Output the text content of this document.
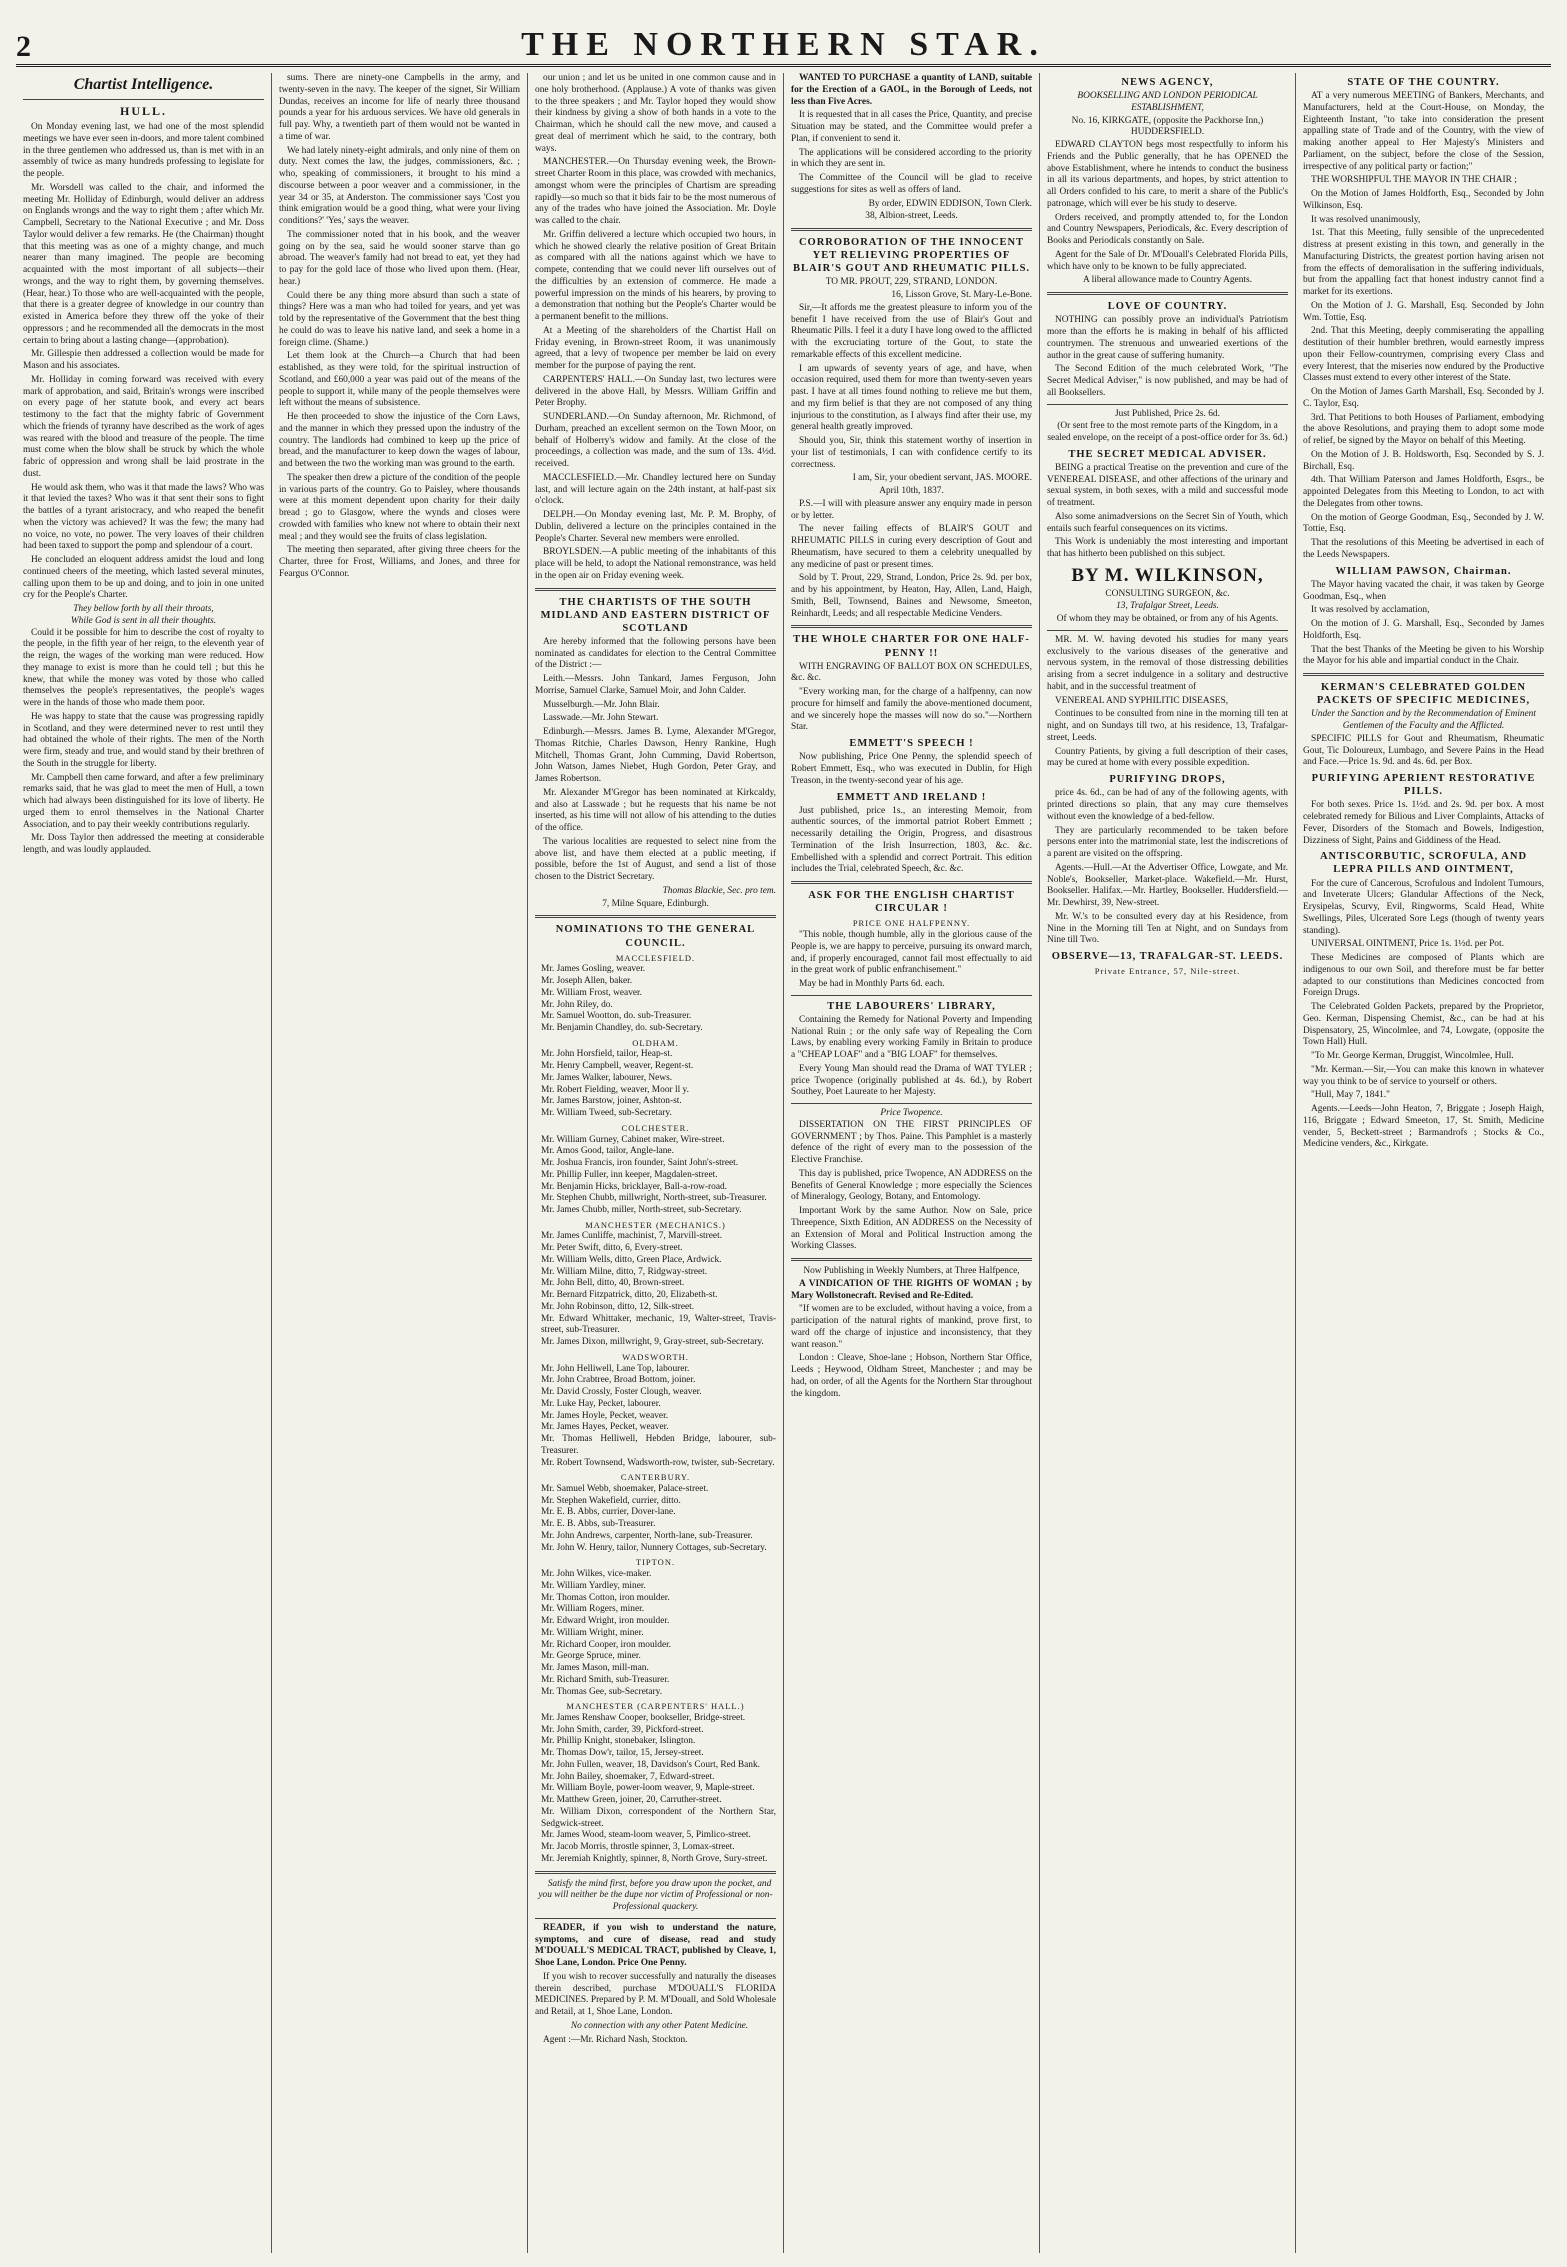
2	THE NORTHERN STAR.
Chartist Intelligence.
HULL.

On Monday evening last, we had one of the most splendid meetings we have ever seen in-doors, and more talent combined in the three gentlemen who addressed us, than is met with in an assembly of twice as many hundreds professing to legislate for the people.

Mr. Worsdell was called to the chair, and informed the meeting Mr. Holliday of Edinburgh, would deliver an address on Englands wrongs and the way to right them ; after which Mr. Campbell, Secretary to the National Executive ; and Mr. Doss Taylor would deliver a few remarks. He (the Chairman) thought that this meeting was as one of a mighty change, and much nearer than many imagined. The people are becoming acquainted with the most important of all subjects—their wrongs, and the way to right them, by governing themselves. (Hear, hear.) To those who are well-acquainted with the people, that there is a greater degree of knowledge in our country than existed in America before they threw off the yoke of their oppressors ; and he recommended all the democrats in the most certain to bring about a lasting change—(approbation).

Mr. Gillespie then addressed a collection would be made for Mason and his associates.

Mr. Holliday in coming forward was received with every mark of approbation, and said, Britain's wrongs were inscribed on every page of her statute book, and every act bears testimony to the fact that the mighty fabric of Government which the friends of tyranny have described as the work of ages was reared with the blood and treasure of the people. The time must come when the blow shall be struck by which the whole fabric of oppression and wrong shall be laid prostrate in the dust.

He would ask them, who was it that made the laws? Who was it that levied the taxes? Who was it that sent their sons to fight the battles of a tyrant aristocracy, and who reaped the benefit when the victory was achieved? It was the few; the many had no voice, no vote, no power. The very loaves of their children had been taxed to support the pomp and splendour of a court.

He concluded an eloquent address amidst the loud and long continued cheers of the meeting, which lasted several minutes, calling upon them to be up and doing, and to join in one united cry for the People's Charter.

They bellow forth by all their throats,
While God is sent in all their thoughts.

Could it be possible for him to describe the cost of royalty to the people, in the fifth year of her reign, to the eleventh year of the reign, the wages of the working man were reduced. How they manage to exist is more than he could tell ; but this he knew, that while the money was voted by those who called themselves the people's representatives, the people's wages were in the hands of those who made them poor.

He was happy to state that the cause was progressing rapidly in Scotland, and they were determined never to rest until they had obtained the whole of their rights. The men of the North were firm, steady and true, and would stand by their brethren of the South in the struggle for liberty.

Mr. Campbell then came forward, and after a few preliminary remarks said, that he was glad to meet the men of Hull, a town which had always been distinguished for its love of liberty. He urged them to enrol themselves in the National Charter Association, and to pay their weekly contributions regularly.

Mr. Doss Taylor then addressed the meeting at considerable length, and was loudly applauded.

sums. There are ninety-one Campbells in the army, and twenty-seven in the navy. The keeper of the signet, Sir William Dundas, receives an income for life of nearly three thousand pounds a year for his arduous services. We have old generals in full pay. Why, a twentieth part of them would not be wanted in a time of war.

We had lately ninety-eight admirals, and only nine of them on duty. Next comes the law, the judges, commissioners, &c. ; who, speaking of commissioners, it brought to his mind a discourse between a poor weaver and a commissioner, in the year 34 or 35, at Anderston. The commissioner says 'Cost you think emigration would be a good thing, what were your living conditions?' 'Yes,' says the weaver.

The commissioner noted that in his book, and the weaver going on by the sea, said he would sooner starve than go abroad. The weaver's family had not bread to eat, yet they had to pay for the gold lace of those who lived upon them. (Hear, hear.)

Could there be any thing more absurd than such a state of things? Here was a man who had toiled for years, and yet was told by the representative of the Government that the best thing he could do was to leave his native land, and seek a home in a foreign clime. (Shame.)

Let them look at the Church—a Church that had been established, as they were told, for the spiritual instruction of Scotland, and £60,000 a year was paid out of the means of the people to support it, while many of the people themselves were left without the means of subsistence.

He then proceeded to show the injustice of the Corn Laws, and the manner in which they pressed upon the industry of the country. The landlords had combined to keep up the price of bread, and the manufacturer to keep down the wages of labour, and between the two the working man was ground to the earth.

The speaker then drew a picture of the condition of the people in various parts of the country. Go to Paisley, where thousands were at this moment dependent upon charity for their daily bread ; go to Glasgow, where the wynds and closes were crowded with families who knew not where to obtain their next meal ; and they would see the fruits of class legislation.

The meeting then separated, after giving three cheers for the Charter, three for Frost, Williams, and Jones, and three for Feargus O'Connor.

our union ; and let us be united in one common cause and in one holy brotherhood. (Applause.) A vote of thanks was given to the three speakers ; and Mr. Taylor hoped they would show their kindness by giving a show of both hands in a vote to the Chairman, which he should call the new move, and caused a great deal of merriment which he said, to the contrary, both ways.

MANCHESTER.—On Thursday evening week, the Brown-street Charter Room in this place, was crowded with mechanics, amongst whom were the principles of Chartism are spreading rapidly—so much so that it bids fair to be the most numerous of any of the trades who have joined the Association. Mr. Doyle was called to the chair.

Mr. Griffin delivered a lecture which occupied two hours, in which he showed clearly the relative position of Great Britain as compared with all the nations against which we have to compete, contending that we could never lift ourselves out of the difficulties by an extension of commerce. He made a powerful impression on the minds of his hearers, by proving to a demonstration that nothing but the People's Charter would be a permanent benefit to the millions.

At a Meeting of the shareholders of the Chartist Hall on Friday evening, in Brown-street Room, it was unanimously agreed, that a levy of twopence per member be laid on every member for the purpose of paying the rent.

CARPENTERS' HALL.—On Sunday last, two lectures were delivered in the above Hall, by Messrs. William Griffin and Peter Brophy.

SUNDERLAND.—On Sunday afternoon, Mr. Richmond, of Durham, preached an excellent sermon on the Town Moor, on behalf of Holberry's widow and family. At the close of the proceedings, a collection was made, and the sum of 13s. 4½d. received.

MACCLESFIELD.—Mr. Chandley lectured here on Sunday last, and will lecture again on the 24th instant, at half-past six o'clock.

DELPH.—On Monday evening last, Mr. P. M. Brophy, of Dublin, delivered a lecture on the principles contained in the People's Charter. Several new members were enrolled.

BROYLSDEN.—A public meeting of the inhabitants of this place will be held, to adopt the National remonstrance, was held in the open air on Friday evening week.

THE CHARTISTS OF THE SOUTH MIDLAND AND EASTERN DISTRICT OF SCOTLAND

Are hereby informed that the following persons have been nominated as candidates for election to the Central Committee of the District :—

Leith.—Messrs. John Tankard, James Ferguson, John Morrise, Samuel Clarke, Samuel Moir, and John Calder.

Musselburgh.—Mr. John Blair.

Lasswade.—Mr. John Stewart.

Edinburgh.—Messrs. James B. Lyme, Alexander M'Gregor, Thomas Ritchie, Charles Dawson, Henry Rankine, Hugh Mitchell, Thomas Grant, John Cumming, David Robertson, John Watson, James Niebet, Hugh Gordon, Peter Gray, and James Robertson.

Mr. Alexander M'Gregor has been nominated at Kirkcaldy, and also at Lasswade ; but he requests that his name be not inserted, as his time will not allow of his attending to the duties of the office.

The various localities are requested to select nine from the above list, and have them elected at a public meeting, if possible, before the 1st of August, and send a list of those chosen to the District Secretary.

Thomas Blackie, Sec. pro tem.
7, Milne Square, Edinburgh.
NOMINATIONS TO THE GENERAL COUNCIL.
MACCLESFIELD.
Mr. James Gosling, weaver.
Mr. Joseph Allen, baker.
Mr. William Frost, weaver.
Mr. John Riley, do.
Mr. Samuel Wootton, do. sub-Treasurer.
Mr. Benjamin Chandley, do. sub-Secretary.
OLDHAM.
Mr. John Horsfield, tailor, Heap-st.
Mr. Henry Campbell, weaver, Regent-st.
Mr. James Walker, labourer, News.
Mr. Robert Fielding, weaver, Moor ll y.
Mr. James Barstow, joiner, Ashton-st.
Mr. William Tweed, sub-Secretary.
COLCHESTER.
Mr. William Gurney, Cabinet maker, Wire-street.
Mr. Amos Good, tailor, Angle-lane.
Mr. Joshua Francis, iron founder, Saint John's-street.
Mr. Phillip Fuller, inn keeper, Magdalen-street.
Mr. Benjamin Hicks, bricklayer, Ball-a-row-road.
Mr. Stephen Chubb, millwright, North-street, sub-Treasurer.
Mr. James Chubb, miller, North-street, sub-Secretary.
MANCHESTER (MECHANICS.)
Mr. James Cunliffe, machinist, 7, Marvill-street.
Mr. Peter Swift, ditto, 6, Every-street.
Mr. William Wells, ditto, Green Place, Ardwick.
Mr. William Milne, ditto, 7, Ridgway-street.
Mr. John Bell, ditto, 40, Brown-street.
Mr. Bernard Fitzpatrick, ditto, 20, Elizabeth-st.
Mr. John Robinson, ditto, 12, Silk-street.
Mr. Edward Whittaker, mechanic, 19, Walter-street, Travis-street, sub-Treasurer.
Mr. James Dixon, millwright, 9, Gray-street, sub-Secretary.
WADSWORTH.
Mr. John Helliwell, Lane Top, labourer.
Mr. John Crabtree, Broad Bottom, joiner.
Mr. David Crossly, Foster Clough, weaver.
Mr. Luke Hay, Pecket, labourer.
Mr. James Hoyle, Pecket, weaver.
Mr. James Hayes, Pecket, weaver.
Mr. Thomas Helliwell, Hebden Bridge, labourer, sub-Treasurer.
Mr. Robert Townsend, Wadsworth-row, twister, sub-Secretary.
CANTERBURY.
Mr. Samuel Webb, shoemaker, Palace-street.
Mr. Stephen Wakefield, currier, ditto.
Mr. E. B. Abbs, currier, Dover-lane.
Mr. E. B. Abbs, sub-Treasurer.
Mr. John Andrews, carpenter, North-lane, sub-Treasurer.
Mr. John W. Henry, tailor, Nunnery Cottages, sub-Secretary.
TIPTON.
Mr. John Wilkes, vice-maker.
Mr. William Yardley, miner.
Mr. Thomas Cotton, iron moulder.
Mr. William Rogers, miner.
Mr. Edward Wright, iron moulder.
Mr. William Wright, miner.
Mr. Richard Cooper, iron moulder.
Mr. George Spruce, miner.
Mr. James Mason, mill-man.
Mr. Richard Smith, sub-Treasurer.
Mr. Thomas Gee, sub-Secretary.
MANCHESTER (CARPENTERS' HALL.)
Mr. James Renshaw Cooper, bookseller, Bridge-street.
Mr. John Smith, carder, 39, Pickford-street.
Mr. Phillip Knight, stonebaker, Islington.
Mr. Thomas Dow'r, tailor, 15, Jersey-street.
Mr. John Fullen, weaver, 18, Davidson's Court, Red Bank.
Mr. John Bailey, shoemaker, 7, Edward-street.
Mr. William Boyle, power-loom weaver, 9, Maple-street.
Mr. Matthew Green, joiner, 20, Carruther-street.
Mr. William Dixon, correspondent of the Northern Star, Sedgwick-street.
Mr. James Wood, steam-loom weaver, 5, Pimlico-street.
Mr. Jacob Morris, throstle spinner, 3, Lomax-street.
Mr. Jeremiah Knightly, spinner, 8, North Grove, Sury-street.

Satisfy the mind first, before you draw upon the pocket, and you will neither be the dupe nor victim of Professional or non-Professional quackery.

READER, if you wish to understand the nature, symptoms, and cure of disease, read and study M'DOUALL'S MEDICAL TRACT, published by Cleave, 1, Shoe Lane, London. Price One Penny.

If you wish to recover successfully and naturally the diseases therein described, purchase M'DOUALL'S FLORIDA MEDICINES. Prepared by P. M. M'Douall, and Sold Wholesale and Retail, at 1, Shoe Lane, London.

No connection with any other Patent Medicine.

Agent :—Mr. Richard Nash, Stockton.

WANTED TO PURCHASE a quantity of LAND, suitable for the Erection of a GAOL, in the Borough of Leeds, not less than Five Acres.

It is requested that in all cases the Price, Quantity, and precise Situation may be stated, and the Committee would prefer a Plan, if convenient to send it.

The applications will be considered according to the priority in which they are sent in.

The Committee of the Council will be glad to receive suggestions for sites as well as offers of land.

By order, EDWIN EDDISON, Town Clerk.
38, Albion-street, Leeds.
CORROBORATION OF THE INNOCENT YET RELIEVING PROPERTIES OF BLAIR'S GOUT AND RHEUMATIC PILLS.
TO MR. PROUT, 229, STRAND, LONDON.
16, Lisson Grove, St. Mary-Le-Bone.

Sir,—It affords me the greatest pleasure to inform you of the benefit I have received from the use of Blair's Gout and Rheumatic Pills. I feel it a duty I have long owed to the afflicted with the excruciating torture of the Gout, to state the remarkable effects of this excellent medicine.

I am upwards of seventy years of age, and have, when occasion required, used them for more than twenty-seven years past. I have at all times found nothing to relieve me but them, and my firm belief is that they are not composed of any thing injurious to the constitution, as I always find after their use, my general health greatly improved.

Should you, Sir, think this statement worthy of insertion in your list of testimonials, I can with confidence certify to its correctness.

I am, Sir, your obedient servant, JAS. MOORE.
April 10th, 1837.

P.S.—I will with pleasure answer any enquiry made in person or by letter.

The never failing effects of BLAIR'S GOUT and RHEUMATIC PILLS in curing every description of Gout and Rheumatism, have secured to them a celebrity unequalled by any medicine of past or present times.

Sold by T. Prout, 229, Strand, London, Price 2s. 9d. per box, and by his appointment, by Heaton, Hay, Allen, Land, Haigh, Smith, Bell, Townsend, Baines and Newsome, Smeeton, Reinhardt, Leeds; and all respectable Medicine Venders.

THE WHOLE CHARTER FOR ONE HALF-PENNY !!

WITH ENGRAVING OF BALLOT BOX ON SCHEDULES, &c. &c.

"Every working man, for the charge of a halfpenny, can now procure for himself and family the above-mentioned document, and we sincerely hope the masses will now do so."—Northern Star.

EMMETT'S SPEECH !

Now publishing, Price One Penny, the splendid speech of Robert Emmett, Esq., who was executed in Dublin, for High Treason, in the twenty-second year of his age.

EMMETT AND IRELAND !

Just published, price 1s., an interesting Memoir, from authentic sources, of the immortal patriot Robert Emmett ; necessarily detailing the Origin, Progress, and disastrous Termination of the Irish Insurrection, 1803, &c. &c. Embellished with a splendid and correct Portrait. This edition includes the Trial, celebrated Speech, &c. &c.

ASK FOR THE ENGLISH CHARTIST CIRCULAR !
PRICE ONE HALFPENNY.

"This noble, though humble, ally in the glorious cause of the People is, we are happy to perceive, pursuing its onward march, and, if properly encouraged, cannot fail most effectually to aid in the great work of public enfranchisement."

May be had in Monthly Parts 6d. each.

THE LABOURERS' LIBRARY,

Containing the Remedy for National Poverty and Impending National Ruin ; or the only safe way of Repealing the Corn Laws, by enabling every working Family in Britain to produce a "CHEAP LOAF" and a "BIG LOAF" for themselves.

Every Young Man should read the Drama of WAT TYLER ; price Twopence (originally published at 4s. 6d.), by Robert Southey, Poet Laureate to her Majesty.

Price Twopence.

DISSERTATION ON THE FIRST PRINCIPLES OF GOVERNMENT ; by Thos. Paine. This Pamphlet is a masterly defence of the right of every man to the possession of the Elective Franchise.

This day is published, price Twopence, AN ADDRESS on the Benefits of General Knowledge ; more especially the Sciences of Mineralogy, Geology, Botany, and Entomology.

Important Work by the same Author. Now on Sale, price Threepence, Sixth Edition, AN ADDRESS on the Necessity of an Extension of Moral and Political Instruction among the Working Classes.

Now Publishing in Weekly Numbers, at Three Halfpence,

A VINDICATION OF THE RIGHTS OF WOMAN ; by Mary Wollstonecraft. Revised and Re-Edited.

"If women are to be excluded, without having a voice, from a participation of the natural rights of mankind, prove first, to ward off the charge of injustice and inconsistency, that they want reason."

London : Cleave, Shoe-lane ; Hobson, Northern Star Office, Leeds ; Heywood, Oldham Street, Manchester ; and may be had, on order, of all the Agents for the Northern Star throughout the kingdom.

NEWS AGENCY,
BOOKSELLING AND LONDON PERIODICAL ESTABLISHMENT,
No. 16, KIRKGATE, (opposite the Packhorse Inn,) HUDDERSFIELD.

EDWARD CLAYTON begs most respectfully to inform his Friends and the Public generally, that he has OPENED the above Establishment, where he intends to conduct the business in all its various departments, and hopes, by strict attention to all Orders confided to his care, to merit a share of the Public's patronage, which will ever be his study to deserve.

Orders received, and promptly attended to, for the London and Country Newspapers, Periodicals, &c. Every description of Books and Periodicals constantly on Sale.

Agent for the Sale of Dr. M'Douall's Celebrated Florida Pills, which have only to be known to be fully appreciated.

A liberal allowance made to Country Agents.
LOVE OF COUNTRY.

NOTHING can possibly prove an individual's Patriotism more than the efforts he is making in behalf of his afflicted countrymen. The strenuous and unwearied exertions of the author in the great cause of suffering humanity.

The Second Edition of the much celebrated Work, "The Secret Medical Adviser," is now published, and may be had of all Booksellers.

Just Published, Price 2s. 6d.
(Or sent free to the most remote parts of the Kingdom, in a sealed envelope, on the receipt of a post-office order for 3s. 6d.)
THE SECRET MEDICAL ADVISER.

BEING a practical Treatise on the prevention and cure of the VENEREAL DISEASE, and other affections of the urinary and sexual system, in both sexes, with a mild and successful mode of treatment.

Also some animadversions on the Secret Sin of Youth, which entails such fearful consequences on its victims.

This Work is undeniably the most interesting and important that has hitherto been published on this subject.

BY M. WILKINSON,
CONSULTING SURGEON, &c.
13, Trafalgar Street, Leeds.
Of whom they may be obtained, or from any of his Agents.

MR. M. W. having devoted his studies for many years exclusively to the various diseases of the generative and nervous system, in the removal of those distressing debilities arising from a secret indulgence in a solitary and destructive habit, and in the successful treatment of

VENEREAL AND SYPHILITIC DISEASES,

Continues to be consulted from nine in the morning till ten at night, and on Sundays till two, at his residence, 13, Trafalgar-street, Leeds.

Country Patients, by giving a full description of their cases, may be cured at home with every possible expedition.

PURIFYING DROPS,

price 4s. 6d., can be had of any of the following agents, with printed directions so plain, that any may cure themselves without even the knowledge of a bed-fellow.

They are particularly recommended to be taken before persons enter into the matrimonial state, lest the indiscretions of a parent are visited on the offspring.

Agents.—Hull.—At the Advertiser Office, Lowgate, and Mr. Noble's, Bookseller, Market-place. Wakefield.—Mr. Hurst, Bookseller. Halifax.—Mr. Hartley, Bookseller. Huddersfield.—Mr. Dewhirst, 39, New-street.

Mr. W.'s to be consulted every day at his Residence, from Nine in the Morning till Ten at Night, and on Sundays from Nine till Two.

OBSERVE—13, TRAFALGAR-ST. LEEDS.
Private Entrance, 57, Nile-street.
STATE OF THE COUNTRY.

AT a very numerous MEETING of Bankers, Merchants, and Manufacturers, held at the Court-House, on Monday, the Eighteenth Instant, "to take into consideration the present appalling state of Trade and of the Country, with the view of making another appeal to Her Majesty's Ministers and Parliament, on the subject, before the close of the Session, irrespective of any political party or faction;"

THE WORSHIPFUL THE MAYOR IN THE CHAIR ;

On the Motion of James Holdforth, Esq., Seconded by John Wilkinson, Esq.

It was resolved unanimously,

1st. That this Meeting, fully sensible of the unprecedented distress at present existing in this town, and generally in the Manufacturing Districts, the greatest portion having arisen not from the effects of demoralisation in the suffering individuals, but from the appalling fact that honest industry cannot find a market for its exertions.

On the Motion of J. G. Marshall, Esq. Seconded by John Wm. Tottie, Esq.

2nd. That this Meeting, deeply commiserating the appalling destitution of their humbler brethren, would earnestly impress upon their Fellow-countrymen, comprising every Class and every Interest, that the miseries now endured by the Productive Classes must extend to every other interest of the State.

On the Motion of James Garth Marshall, Esq. Seconded by J. C. Taylor, Esq.

3rd. That Petitions to both Houses of Parliament, embodying the above Resolutions, and praying them to adopt some mode of relief, be signed by the Mayor on behalf of this Meeting.

On the Motion of J. B. Holdsworth, Esq. Seconded by S. J. Birchall, Esq.

4th. That William Paterson and James Holdforth, Esqrs., be appointed Delegates from this Meeting to London, to act with the Delegates from other towns.

On the motion of George Goodman, Esq., Seconded by J. W. Tottie, Esq.

That the resolutions of this Meeting be advertised in each of the Leeds Newspapers.

WILLIAM PAWSON, Chairman.

The Mayor having vacated the chair, it was taken by George Goodman, Esq., when

It was resolved by acclamation,

On the motion of J. G. Marshall, Esq., Seconded by James Holdforth, Esq.

That the best Thanks of the Meeting be given to his Worship the Mayor for his able and impartial conduct in the Chair.

KERMAN'S CELEBRATED GOLDEN PACKETS OF SPECIFIC MEDICINES,
Under the Sanction and by the Recommendation of Eminent Gentlemen of the Faculty and the Afflicted.

SPECIFIC PILLS for Gout and Rheumatism, Rheumatic Gout, Tic Doloureux, Lumbago, and Severe Pains in the Head and Face.—Price 1s. 9d. and 4s. 6d. per Box.

PURIFYING APERIENT RESTORATIVE PILLS.

For both sexes. Price 1s. 1½d. and 2s. 9d. per box. A most celebrated remedy for Bilious and Liver Complaints, Attacks of Fever, Disorders of the Stomach and Bowels, Indigestion, Dizziness of Sight, Pains and Giddiness of the Head.

ANTISCORBUTIC, SCROFULA, AND LEPRA PILLS AND OINTMENT,

For the cure of Cancerous, Scrofulous and Indolent Tumours, and Inveterate Ulcers; Glandular Affections of the Neck, Erysipelas, Scurvy, Evil, Ringworms, Scald Head, White Swellings, Piles, Ulcerated Sore Legs (though of twenty years standing).

UNIVERSAL OINTMENT, Price 1s. 1½d. per Pot.

These Medicines are composed of Plants which are indigenous to our own Soil, and therefore must be far better adapted to our constitutions than Medicines concocted from Foreign Drugs.

The Celebrated Golden Packets, prepared by the Proprietor, Geo. Kerman, Dispensing Chemist, &c., can be had at his Dispensatory, 25, Wincolmlee, and 74, Lowgate, (opposite the Town Hall) Hull.

"To Mr. George Kerman, Druggist, Wincolmlee, Hull.

"Mr. Kerman.—Sir,—You can make this known in whatever way you think to be of service to yourself or others.

"Hull, May 7, 1841."

Agents.—Leeds—John Heaton, 7, Briggate ; Joseph Haigh, 116, Briggate ; Edward Smeeton, 17, St. Smith, Medicine vender, 5, Beckett-street ; Barmandrofs ; Stocks & Co., Medicine venders, &c., Kirkgate.
